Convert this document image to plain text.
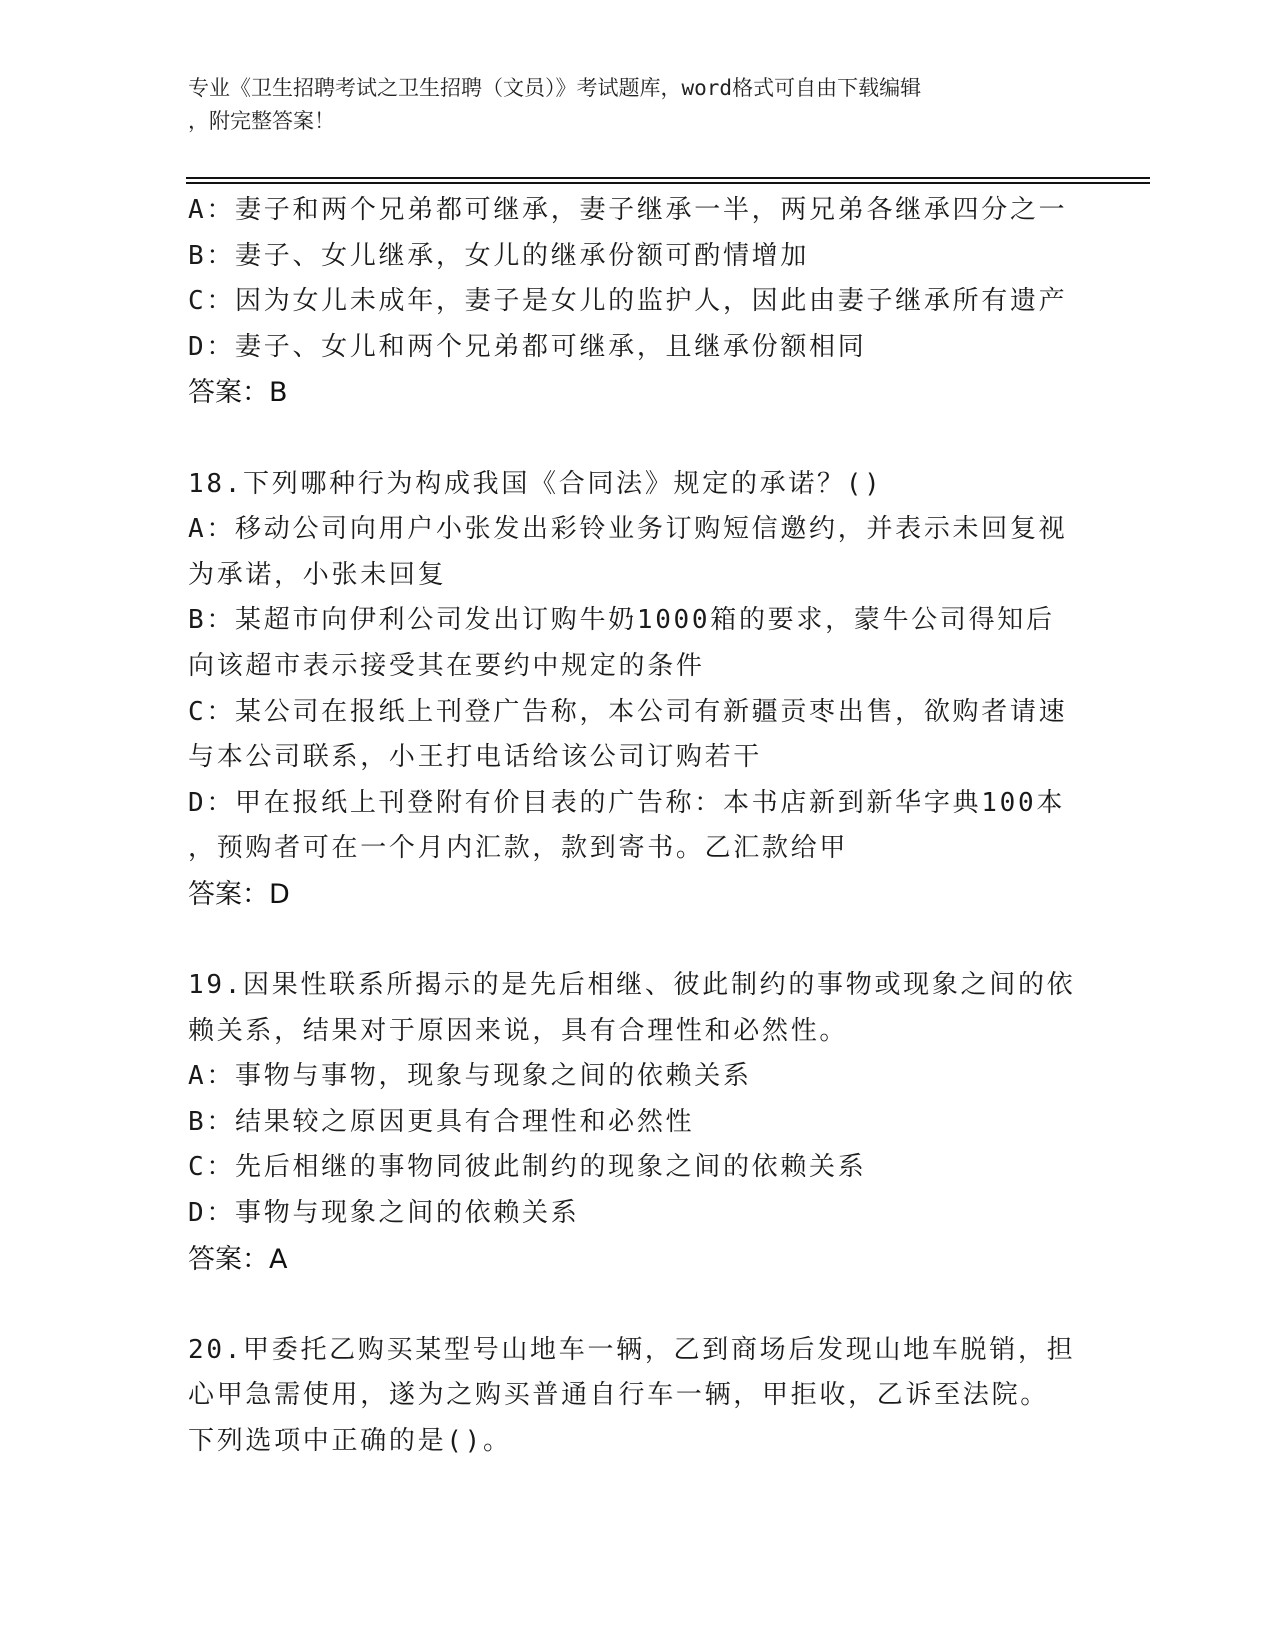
专业《卫生招聘考试之卫生招聘（文员）》考试题库，word格式可自由下载编辑
，附完整答案！
A：妻子和两个兄弟都可继承，妻子继承一半，两兄弟各继承四分之一
B：妻子、女儿继承，女儿的继承份额可酌情增加
C：因为女儿未成年，妻子是女儿的监护人，因此由妻子继承所有遗产
D：妻子、女儿和两个兄弟都可继承，且继承份额相同
答案：B
18.下列哪种行为构成我国《合同法》规定的承诺？()
A：移动公司向用户小张发出彩铃业务订购短信邀约，并表示未回复视
为承诺，小张未回复
B：某超市向伊利公司发出订购牛奶1000箱的要求，蒙牛公司得知后
向该超市表示接受其在要约中规定的条件
C：某公司在报纸上刊登广告称，本公司有新疆贡枣出售，欲购者请速
与本公司联系，小王打电话给该公司订购若干
D：甲在报纸上刊登附有价目表的广告称：本书店新到新华字典100本
，预购者可在一个月内汇款，款到寄书。乙汇款给甲
答案：D
19.因果性联系所揭示的是先后相继、彼此制约的事物或现象之间的依
赖关系，结果对于原因来说，具有合理性和必然性。
A：事物与事物，现象与现象之间的依赖关系
B：结果较之原因更具有合理性和必然性
C：先后相继的事物同彼此制约的现象之间的依赖关系
D：事物与现象之间的依赖关系
答案：A
20.甲委托乙购买某型号山地车一辆，乙到商场后发现山地车脱销，担
心甲急需使用，遂为之购买普通自行车一辆，甲拒收，乙诉至法院。
下列选项中正确的是()。
